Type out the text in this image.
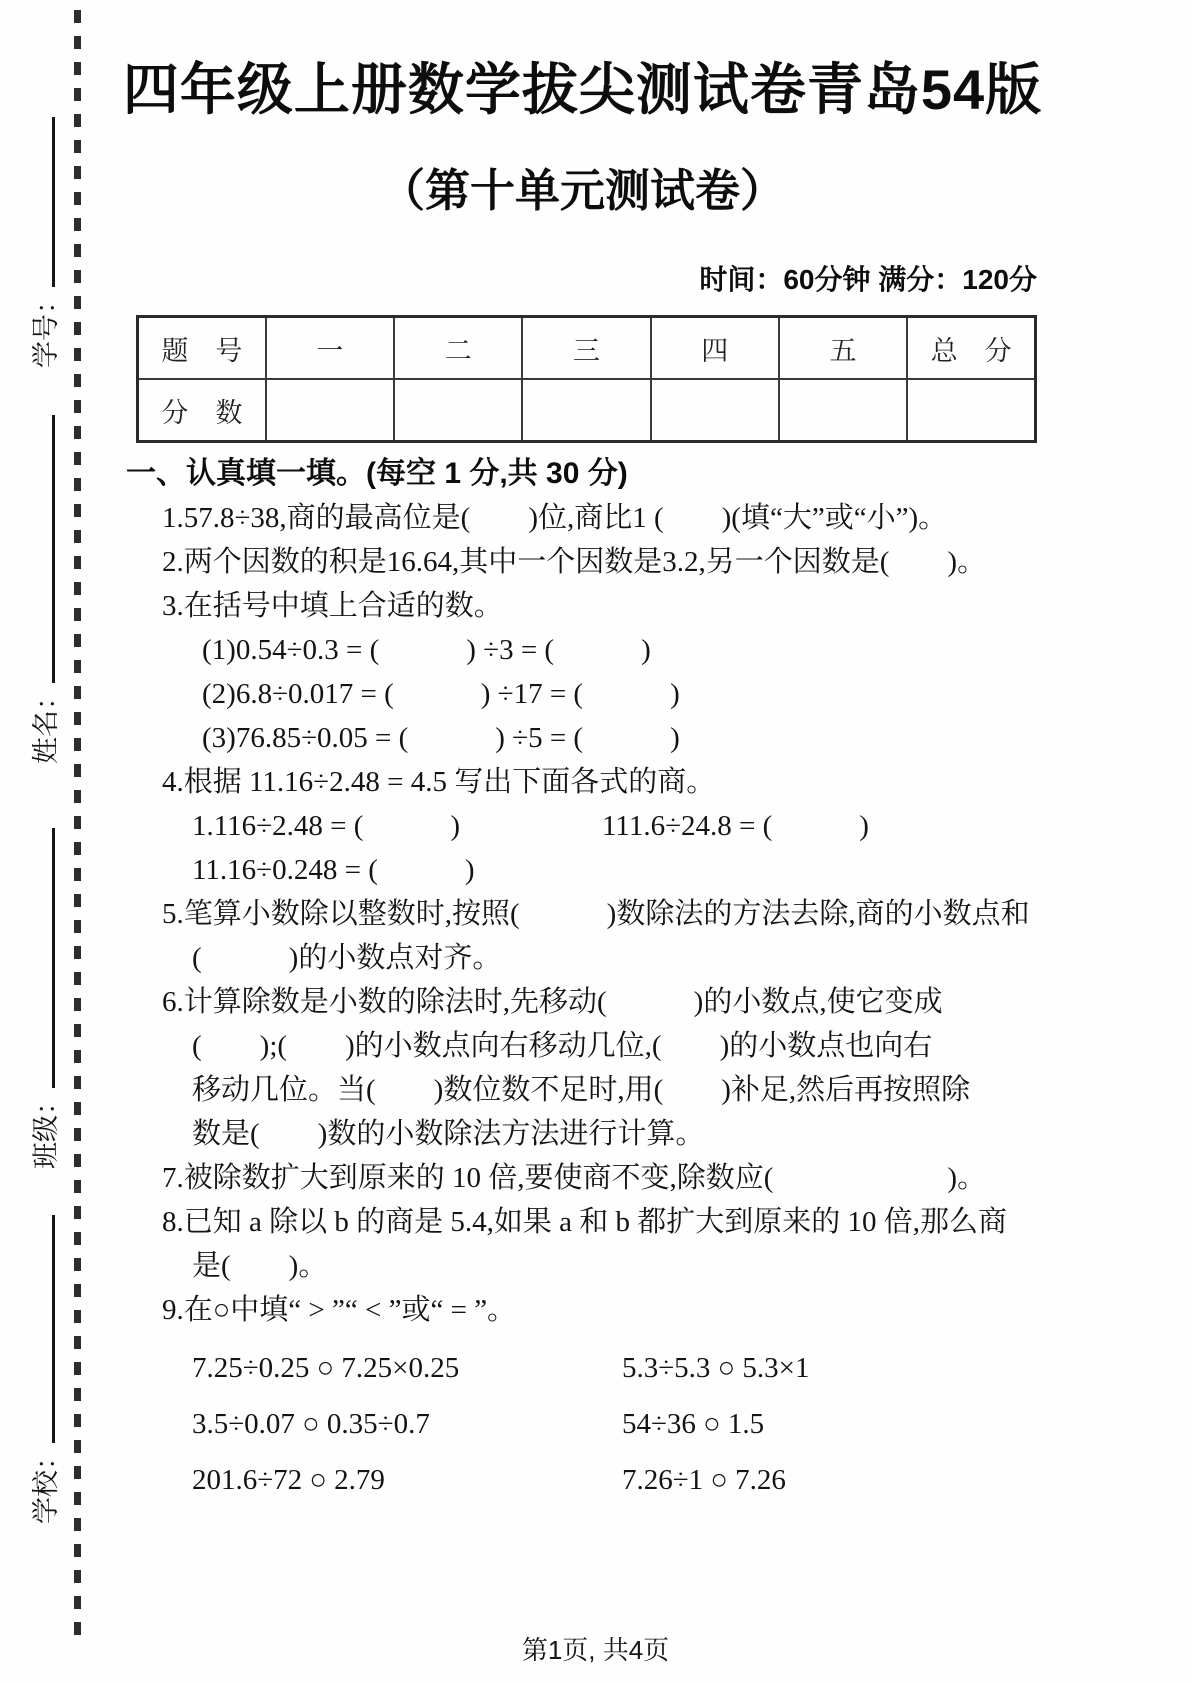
学号：
姓名：
班级：
学校：
四年级上册数学拔尖测试卷青岛54版
（第十单元测试卷）
时间：60分钟 满分：120分
题　号	一	二	三	四	五	总　分
分　数						
一、认真填一填。(每空 1 分,共 30 分)
1.57.8÷38,商的最高位是(　　)位,商比1 (　　)(填“大”或“小”)。
2.两个因数的积是16.64,其中一个因数是3.2,另一个因数是(　　)。
3.在括号中填上合适的数。
(1)0.54÷0.3 = (　　　) ÷3 = (　　　)
(2)6.8÷0.017 = (　　　) ÷17 = (　　　)
(3)76.85÷0.05 = (　　　) ÷5 = (　　　)
4.根据 11.16÷2.48 = 4.5 写出下面各式的商。
1.116÷2.48 = (　　　)	111.6÷24.8 = (　　　)
11.16÷0.248 = (　　　)
5.笔算小数除以整数时,按照(　　　)数除法的方法去除,商的小数点和
(　　　)的小数点对齐。
6.计算除数是小数的除法时,先移动(　　　)的小数点,使它变成
(　　);(　　)的小数点向右移动几位,(　　)的小数点也向右
移动几位。当(　　)数位数不足时,用(　　)补足,然后再按照除
数是(　　)数的小数除法方法进行计算。
7.被除数扩大到原来的 10 倍,要使商不变,除数应(　　　　　　)。
8.已知 a 除以 b 的商是 5.4,如果 a 和 b 都扩大到原来的 10 倍,那么商
是(　　)。
9.在○中填“ > ”“ < ”或“ = ”。
7.25÷0.25 ○ 7.25×0.25	5.3÷5.3 ○ 5.3×1
3.5÷0.07 ○ 0.35÷0.7	54÷36 ○ 1.5
201.6÷72 ○ 2.79	7.26÷1 ○ 7.26
第1页, 共4页
